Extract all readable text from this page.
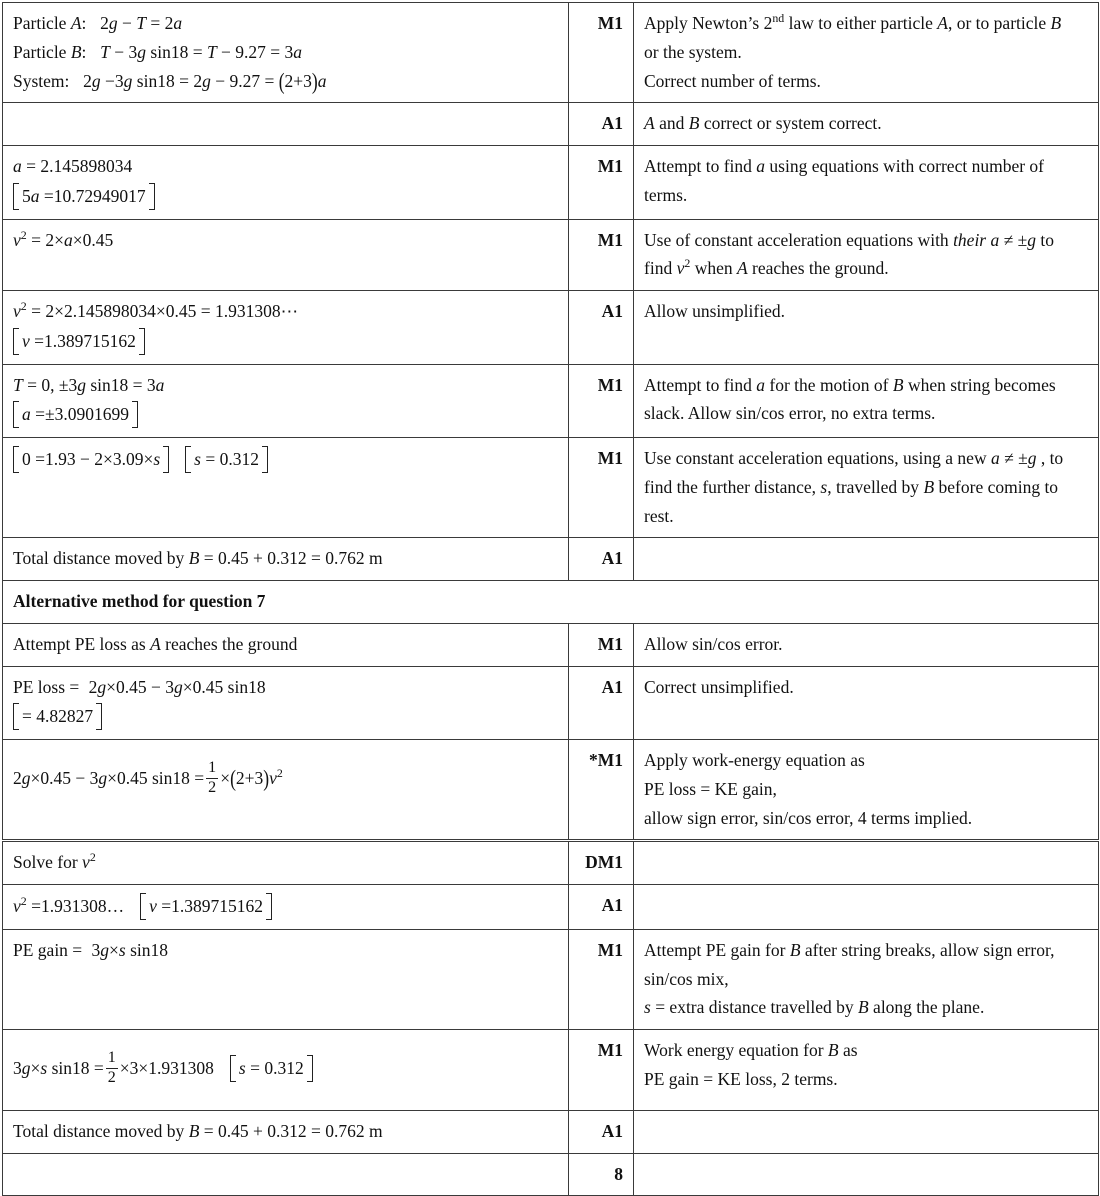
Particle A: 2g − T = 2a
Particle B: T − 3g sin18 = T − 9.27 = 3a
System: 2g −3g sin18 = 2g − 9.27 = (2+3)a	M1	Apply Newton’s 2nd law to either particle A, or to particle B
or the system.
Correct number of terms.

	A1	A and B correct or system correct.

a = 2.145898034
5a =10.72949017	M1	Attempt to find a using equations with correct number of
terms.

$v^2 = 2\times a\times 0.45$	M1	Use of constant acceleration equations with their a ≠ ±g to
find $v^2$ when A reaches the ground.

$v^2 = 2\times 2.145898034\times 0.45$ = 1.931308⋯
v =1.389715162	A1	Allow unsimplified.

T = 0, ±3g sin18 = 3a
a =±3.0901699	M1	Attempt to find a for the motion of B when string becomes
slack. Allow sin/cos error, no extra terms.

0 =1.93 − 2×3.09×s s = 0.312	M1	Use constant acceleration equations, using a new a ≠ ±g , to
find the further distance, s, travelled by B before coming to
rest.

Total distance moved by B = 0.45 + 0.312 = 0.762 m	A1	
Alternative method for question 7		

Attempt PE loss as A reaches the ground	M1	Allow sin/cos error.

PE loss = 2g×0.45 − 3g×0.45 sin18
= 4.82827	A1	Correct unsimplified.

2g×0.45 − 3g×0.45 $\sin 18 = \frac{1}{2} \times(2+3)v^2$	*M1	Apply work-energy equation as
PE loss = KE gain,
allow sign error, sin/cos error, 4 terms implied.

Solve for $v^2$	DM1	

$v^2$ =1.931308… v =1.389715162	A1	

PE gain = 3g×s sin18	M1	Attempt PE gain for B after string breaks, allow sign error,
sin/cos mix,
s = extra distance travelled by B along the plane.

3g×s $\sin 18 = \frac{1}{2} \times 3\times 1.931308$ s = 0.312	M1	Work energy equation for B as
PE gain = KE loss, 2 terms.

Total distance moved by B = 0.45 + 0.312 = 0.762 m	A1	
	8	
